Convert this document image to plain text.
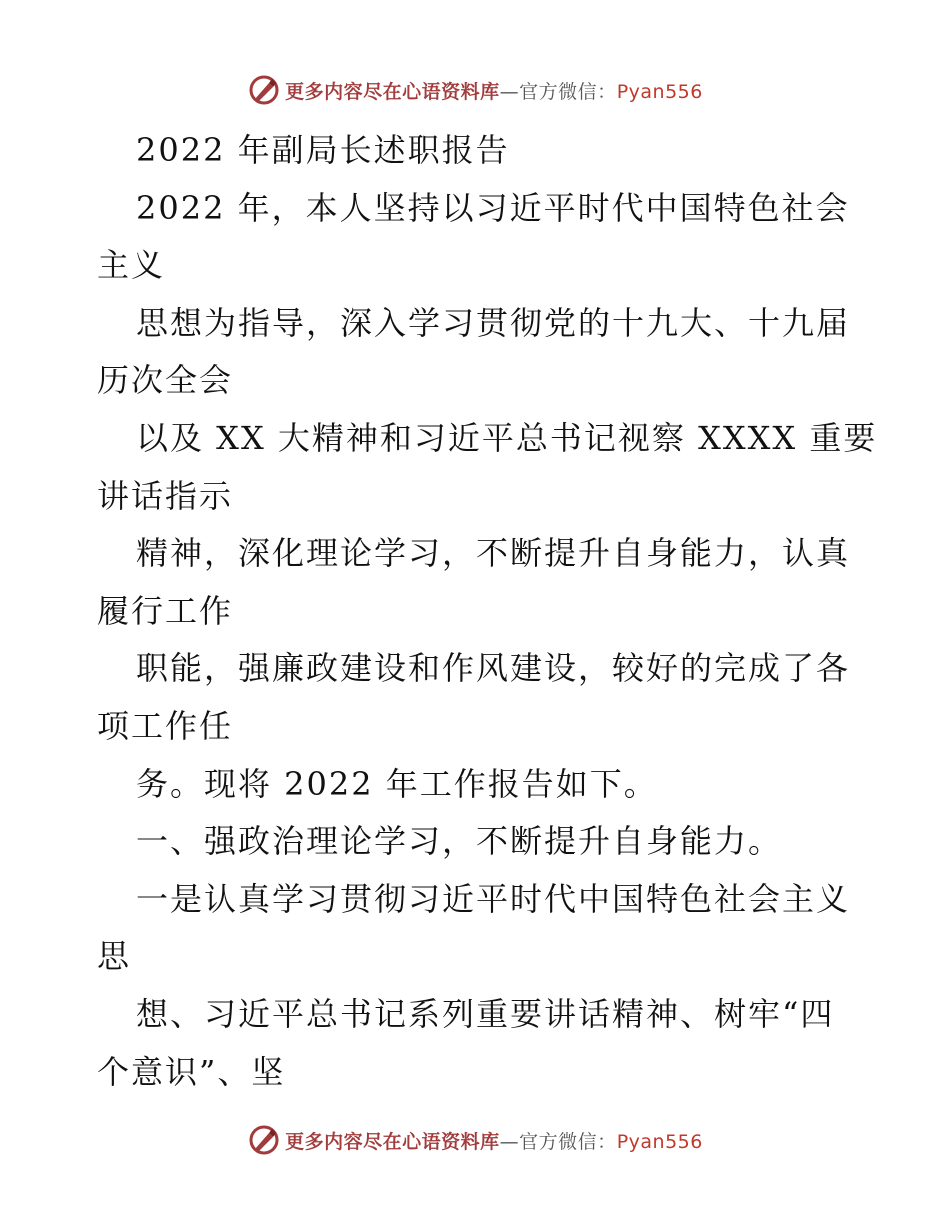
更多内容尽在心语资料库—官方微信：Pyan556
2022 年副局长述职报告
2022 年，本人坚持以习近平时代中国特色社会
主义
思想为指导，深入学习贯彻党的十九大、十九届
历次全会
以及 XX 大精神和习近平总书记视察 XXXX 重要
讲话指示
精神，深化理论学习，不断提升自身能力，认真
履行工作
职能，强廉政建设和作风建设，较好的完成了各
项工作任
务。现将 2022 年工作报告如下。
一、强政治理论学习，不断提升自身能力。
一是认真学习贯彻习近平时代中国特色社会主义
思
想、习近平总书记系列重要讲话精神、树牢“四
个意识”、坚
更多内容尽在心语资料库—官方微信：Pyan556
